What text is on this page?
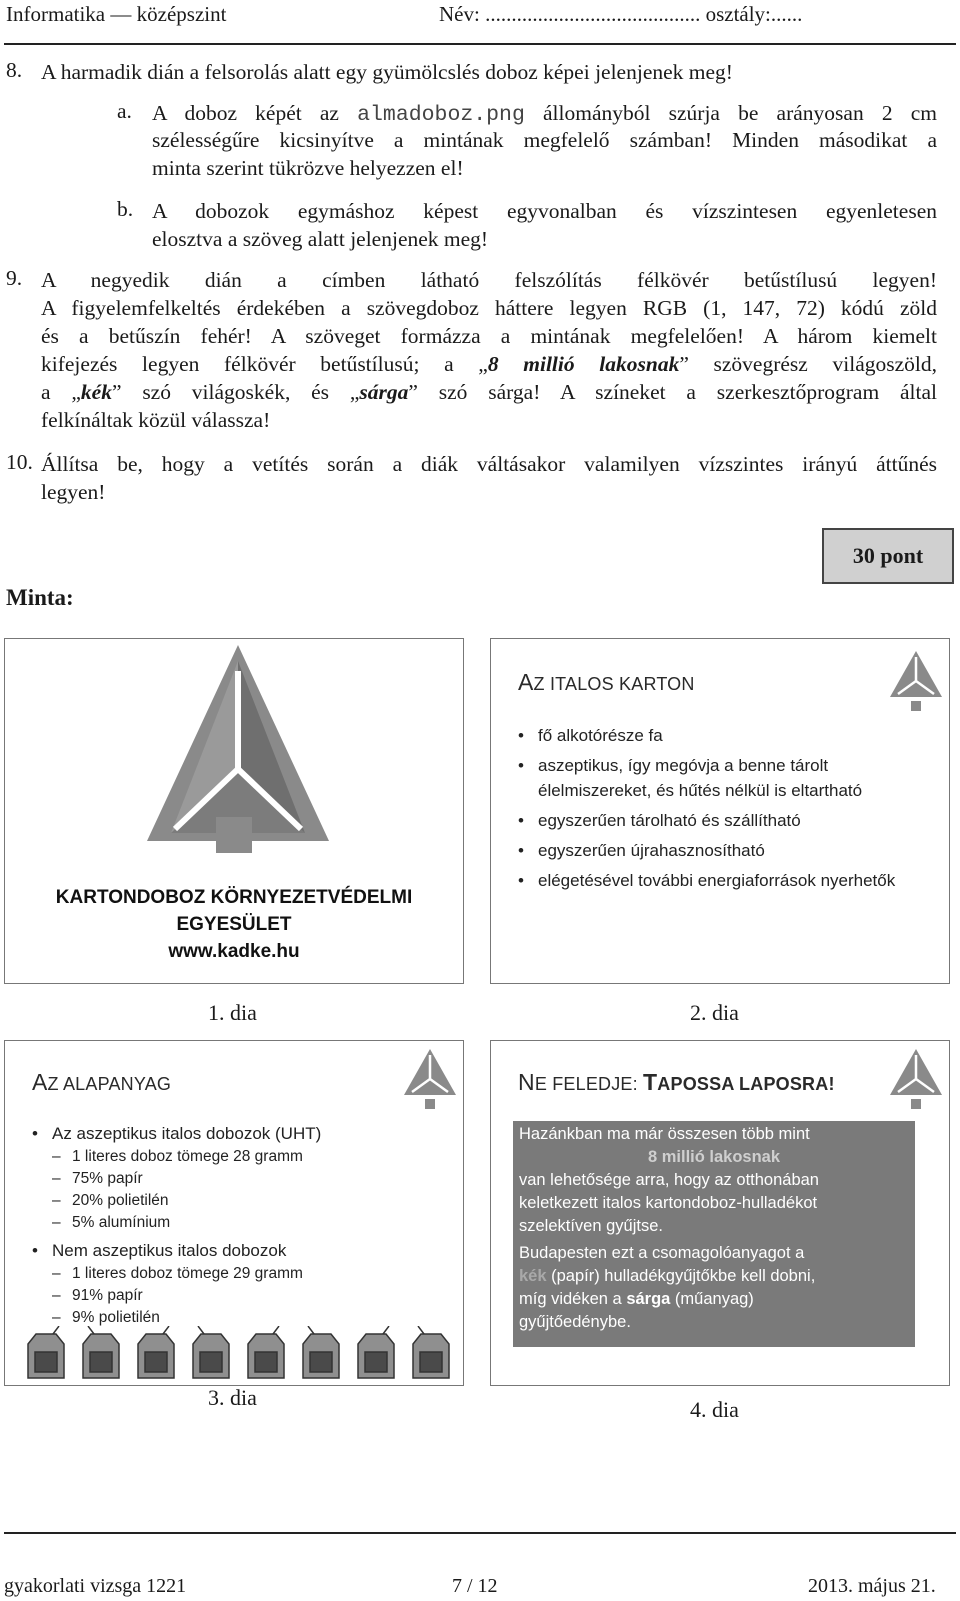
Informatika — középszint	Név: ......................................... osztály:......
8. A harmadik dián a felsorolás alatt egy gyümölcslés doboz képei jelenjenek meg!
a. A doboz képét az almadoboz.png állományból szúrja be arányosan 2 cm
szélességűre kicsinyítve a mintának megfelelő számban! Minden másodikat a
minta szerint tükrözve helyezzen el!
b. A dobozok egymáshoz képest egyvonalban és vízszintesen egyenletesen
elosztva a szöveg alatt jelenjenek meg!
9. A negyedik dián a címben látható felszólítás félkövér betűstílusú legyen!
A figyelemfelkeltés érdekében a szövegdoboz háttere legyen RGB (1, 147, 72) kódú zöld
és a betűszín fehér! A szöveget formázza a mintának megfelelően! A három kiemelt
kifejezés legyen félkövér betűstílusú; a „8 millió lakosnak” szövegrész világoszöld,
a „kék” szó világoskék, és „sárga” szó sárga! A színeket a szerkesztőprogram által
felkínáltak közül válassza!
10. Állítsa be, hogy a vetítés során a diák váltásakor valamilyen vízszintes irányú áttűnés
legyen!
30 pont
Minta:
KARTONDOBOZ KÖRNYEZETVÉDELMI
EGYESÜLET
www.kadke.hu
1. dia
AZ ITALOS KARTON
• fő alkotórésze fa
• aszeptikus, így megóvja a benne tárolt élelmiszereket, és hűtés nélkül is eltartható
• egyszerűen tárolható és szállítható
• egyszerűen újrahasznosítható
• elégetésével további energiaforrások nyerhetők
2. dia
AZ ALAPANYAG
• Az aszeptikus italos dobozok (UHT)
– 1 literes doboz tömege 28 gramm
– 75% papír
– 20% polietilén
– 5% alumínium
• Nem aszeptikus italos dobozok
– 1 literes doboz tömege 29 gramm
– 91% papír
– 9% polietilén
3. dia
NE FELEDJE: TAPOSSA LAPOSRA!
Hazánkban ma már összesen több mint
8 millió lakosnak
van lehetősége arra, hogy az otthonában
keletkezett italos kartondoboz-hulladékot
szelektíven gyűjtse.
Budapesten ezt a csomagolóanyagot a
kék (papír) hulladékgyűjtőkbe kell dobni,
míg vidéken a sárga (műanyag)
gyűjtőedénybe.
4. dia
gyakorlati vizsga 1221	7 / 12	2013. május 21.
